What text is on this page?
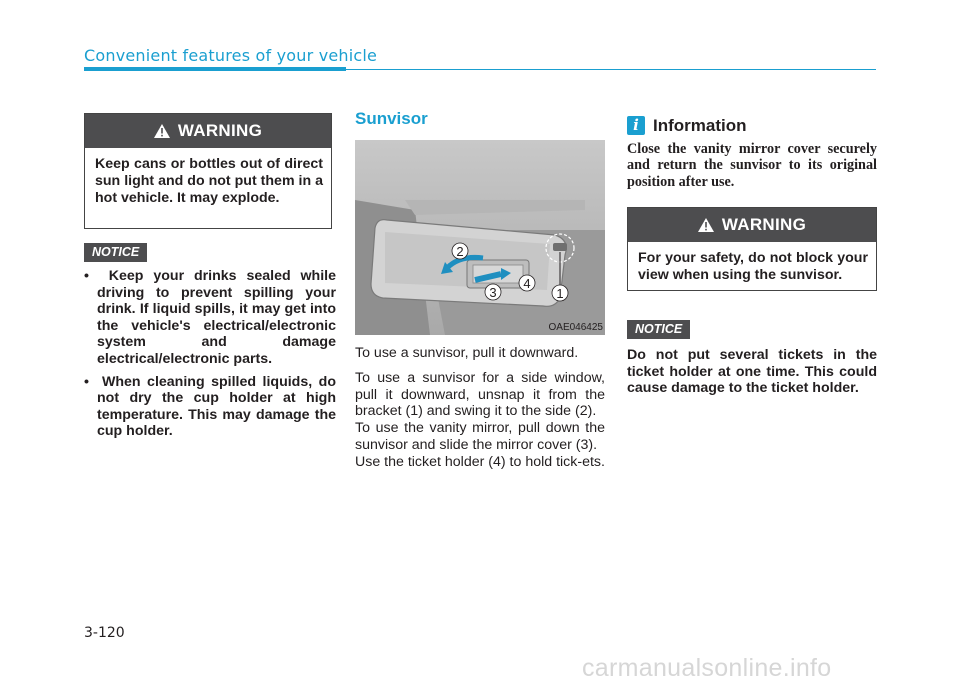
Convenient features of your vehicle
WARNING
Keep cans or bottles out of direct sun light and do not put them in a hot vehicle. It may explode.
NOTICE
•  Keep your drinks sealed while driving to prevent spilling your drink. If liquid spills, it may get into the vehicle's electrical/electronic system and damage electrical/electronic parts.
•  When cleaning spilled liquids, do not dry the cup holder at high temperature. This may damage the cup holder.
Sunvisor
2
3
4
1
OAE046425

To use a sunvisor, pull it downward.

To use a sunvisor for a side window, pull it downward, unsnap it from the bracket (1) and swing it to the side (2).

To use the vanity mirror, pull down the sunvisor and slide the mirror cover (3).

Use the ticket holder (4) to hold tick-ets.

i Information

Close the vanity mirror cover securely and return the sunvisor to its original position after use.

WARNING
For your safety, do not block your view when using the sunvisor.
NOTICE

Do not put several tickets in the ticket holder at one time. This could cause damage to the ticket holder.

3-120
carmanualsonline.info
